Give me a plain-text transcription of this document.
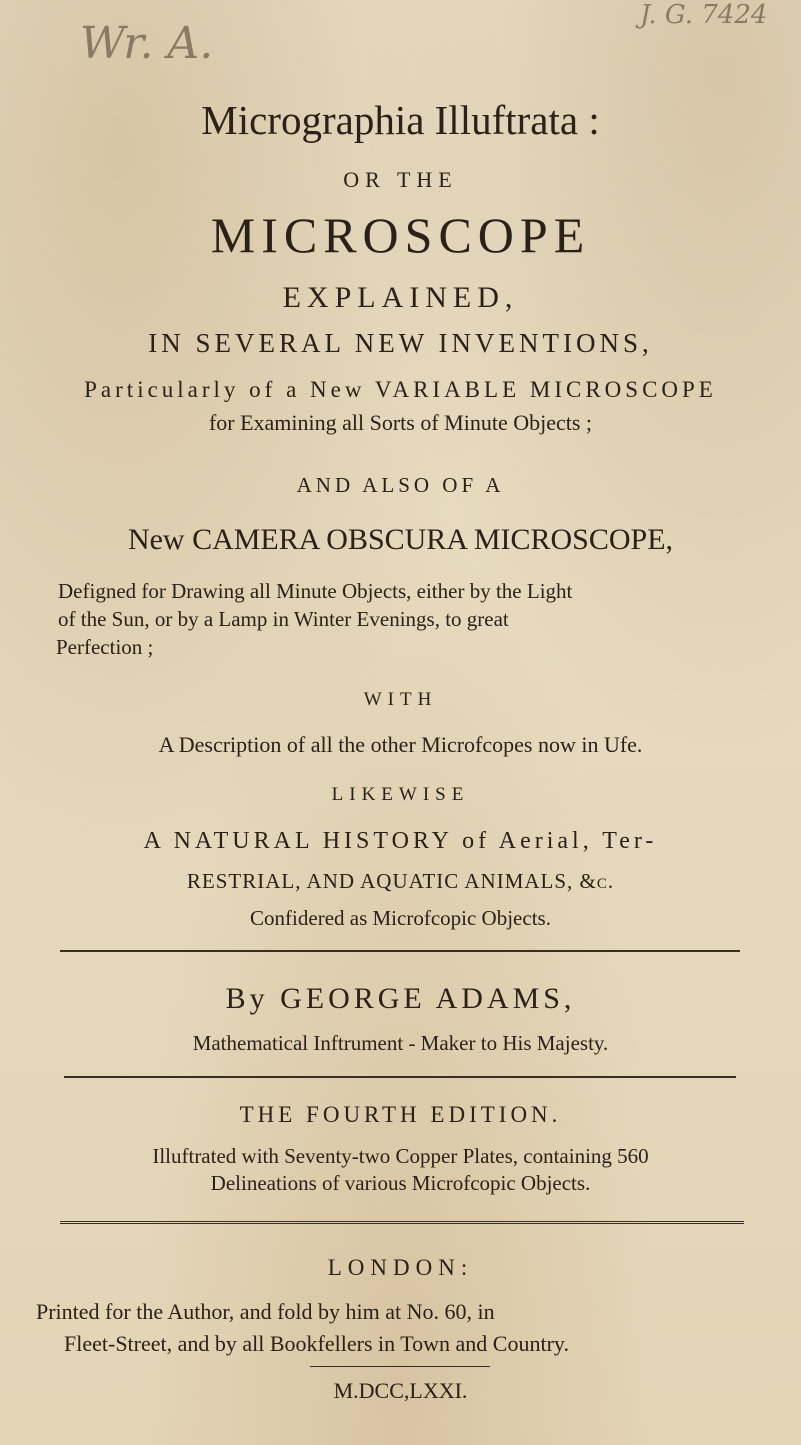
Wr. A.
J. G. 7424
Micrographia Illuftrata :
OR THE
MICROSCOPE
EXPLAINED,
IN SEVERAL NEW INVENTIONS,
Particularly of a New VARIABLE MICROSCOPE
for Examining all Sorts of Minute Objects ;
AND ALSO OF A
New CAMERA OBSCURA MICROSCOPE,
Defigned for Drawing all Minute Objects, either by the Light
of the Sun, or by a Lamp in Winter Evenings, to great
Perfection ;
WITH
A Description of all the other Microfcopes now in Ufe.
LIKEWISE
A NATURAL HISTORY of Aerial, Ter-
RESTRIAL, AND AQUATIC ANIMALS, &c.
Confidered as Microfcopic Objects.
By GEORGE ADAMS,
Mathematical Inftrument - Maker to His Majesty.
THE FOURTH EDITION.
Illuftrated with Seventy-two Copper Plates, containing 560
Delineations of various Microfcopic Objects.
LONDON:
Printed for the Author, and fold by him at No. 60, in
Fleet-Street, and by all Bookfellers in Town and Country.
M.DCC,LXXI.
